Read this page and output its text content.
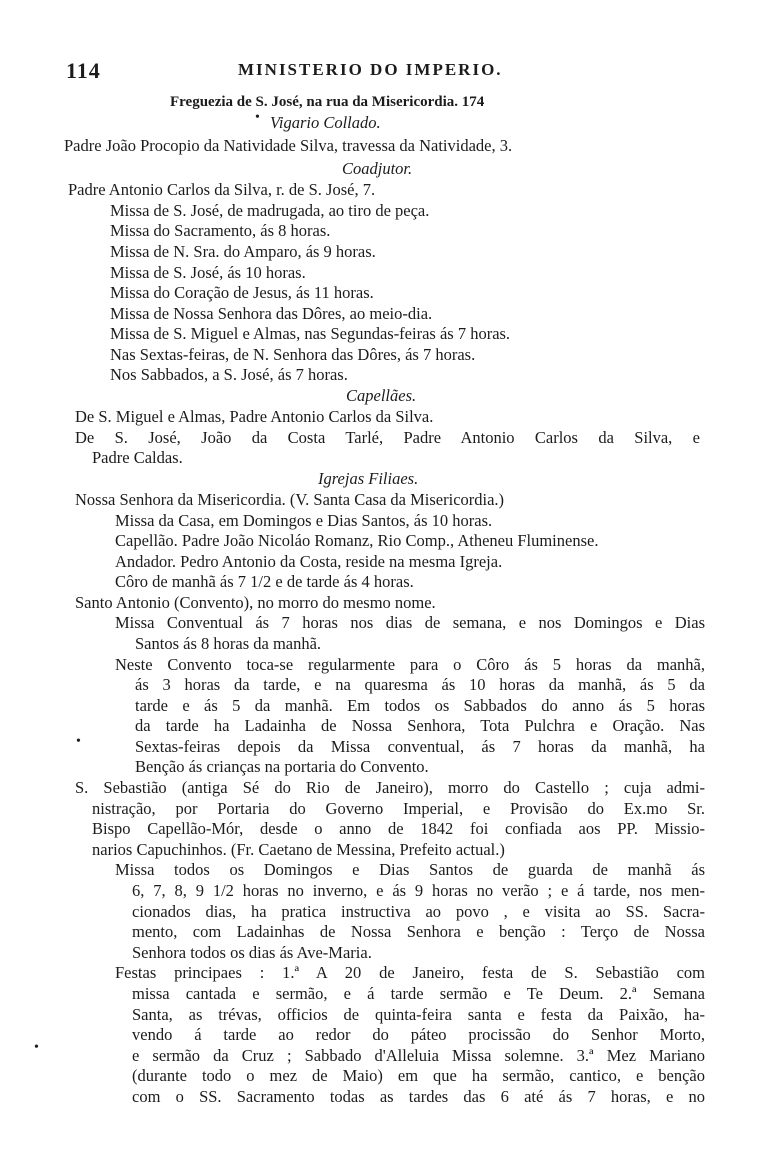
114	MINISTERIO DO IMPERIO.
Freguezia de S. José, na rua da Misericordia. 174
• Vigario Collado.
Padre João Procopio da Natividade Silva, travessa da Natividade, 3.
Coadjutor.
Padre Antonio Carlos da Silva, r. de S. José, 7.
Missa de S. José, de madrugada, ao tiro de peça.
Missa do Sacramento, ás 8 horas.
Missa de N. Sra. do Amparo, ás 9 horas.
Missa de S. José, ás 10 horas.
Missa do Coração de Jesus, ás 11 horas.
Missa de Nossa Senhora das Dôres, ao meio-dia.
Missa de S. Miguel e Almas, nas Segundas-feiras ás 7 horas.
Nas Sextas-feiras, de N. Senhora das Dôres, ás 7 horas.
Nos Sabbados, a S. José, ás 7 horas.
Capellães.
De S. Miguel e Almas, Padre Antonio Carlos da Silva.
De S. José, João da Costa Tarlé, Padre Antonio Carlos da Silva, e
Padre Caldas.
Igrejas Filiaes.
Nossa Senhora da Misericordia. (V. Santa Casa da Misericordia.)
Missa da Casa, em Domingos e Dias Santos, ás 10 horas.
Capellão. Padre João Nicoláo Romanz, Rio Comp., Atheneu Fluminense.
Andador. Pedro Antonio da Costa, reside na mesma Igreja.
Côro de manhã ás 7 1/2 e de tarde ás 4 horas.
Santo Antonio (Convento), no morro do mesmo nome.
Missa Conventual ás 7 horas nos dias de semana, e nos Domingos e Dias
Santos ás 8 horas da manhã.
Neste Convento toca-se regularmente para o Côro ás 5 horas da manhã,
ás 3 horas da tarde, e na quaresma ás 10 horas da manhã, ás 5 da
tarde e ás 5 da manhã. Em todos os Sabbados do anno ás 5 horas
da tarde ha Ladainha de Nossa Senhora, Tota Pulchra e Oração. Nas
•	Sextas-feiras depois da Missa conventual, ás 7 horas da manhã, ha
Benção ás crianças na portaria do Convento.
S. Sebastião (antiga Sé do Rio de Janeiro), morro do Castello ; cuja admi-
nistração, por Portaria do Governo Imperial, e Provisão do Ex.mo Sr.
Bispo Capellão-Mór, desde o anno de 1842 foi confiada aos PP. Missio-
narios Capuchinhos. (Fr. Caetano de Messina, Prefeito actual.)
Missa todos os Domingos e Dias Santos de guarda de manhã ás
6, 7, 8, 9 1/2 horas no inverno, e ás 9 horas no verão ; e á tarde, nos men-
cionados dias, ha pratica instructiva ao povo , e visita ao SS. Sacra-
mento, com Ladainhas de Nossa Senhora e benção : Terço de Nossa
Senhora todos os dias ás Ave-Maria.
Festas principaes : 1.ª A 20 de Janeiro, festa de S. Sebastião com
missa cantada e sermão, e á tarde sermão e Te Deum. 2.ª Semana
Santa, as trévas, officios de quinta-feira santa e festa da Paixão, ha-
vendo á tarde ao redor do páteo procissão do Senhor Morto,
•	e sermão da Cruz ; Sabbado d'Alleluia Missa solemne. 3.ª Mez Mariano
(durante todo o mez de Maio) em que ha sermão, cantico, e benção
com o SS. Sacramento todas as tardes das 6 até ás 7 horas, e no
